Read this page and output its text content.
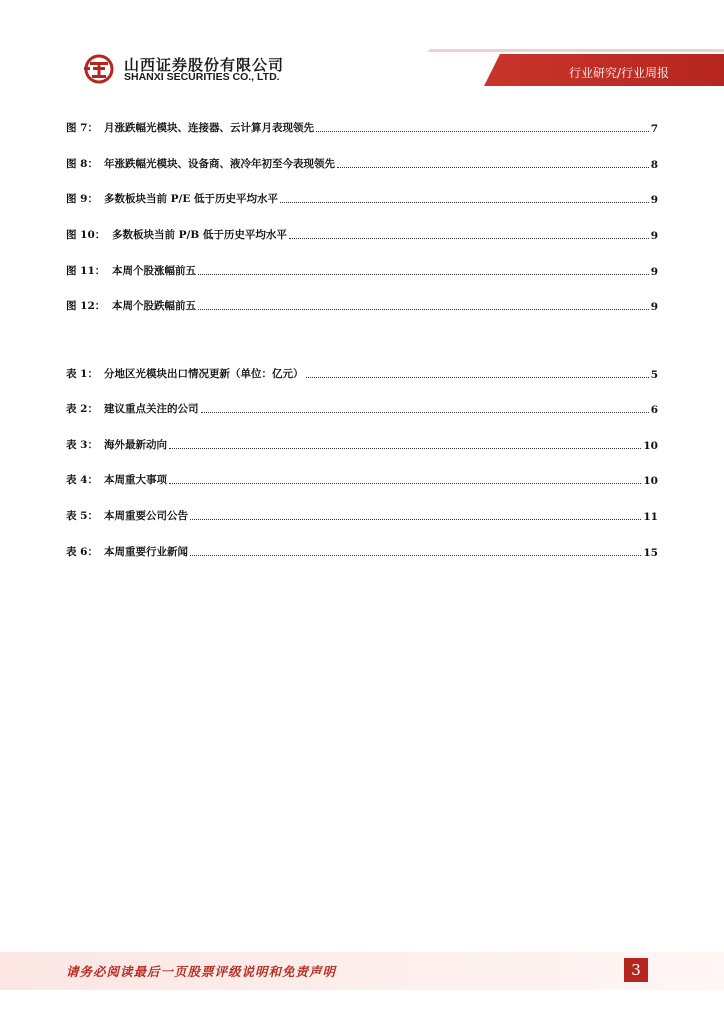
山西证券股份有限公司
SHANXI SECURITIES CO., LTD.	行业研究/行业周报
图 7： 月涨跌幅光模块、连接器、云计算月表现领先	7
图 8： 年涨跌幅光模块、设备商、液冷年初至今表现领先	8
图 9： 多数板块当前 P/E 低于历史平均水平	9
图 10： 多数板块当前 P/B 低于历史平均水平	9
图 11： 本周个股涨幅前五	9
图 12： 本周个股跌幅前五	9
表 1： 分地区光模块出口情况更新（单位：亿元）	5
表 2： 建议重点关注的公司	6
表 3： 海外最新动向	10
表 4： 本周重大事项	10
表 5： 本周重要公司公告	11
表 6： 本周重要行业新闻	15
请务必阅读最后一页股票评级说明和免责声明	3
